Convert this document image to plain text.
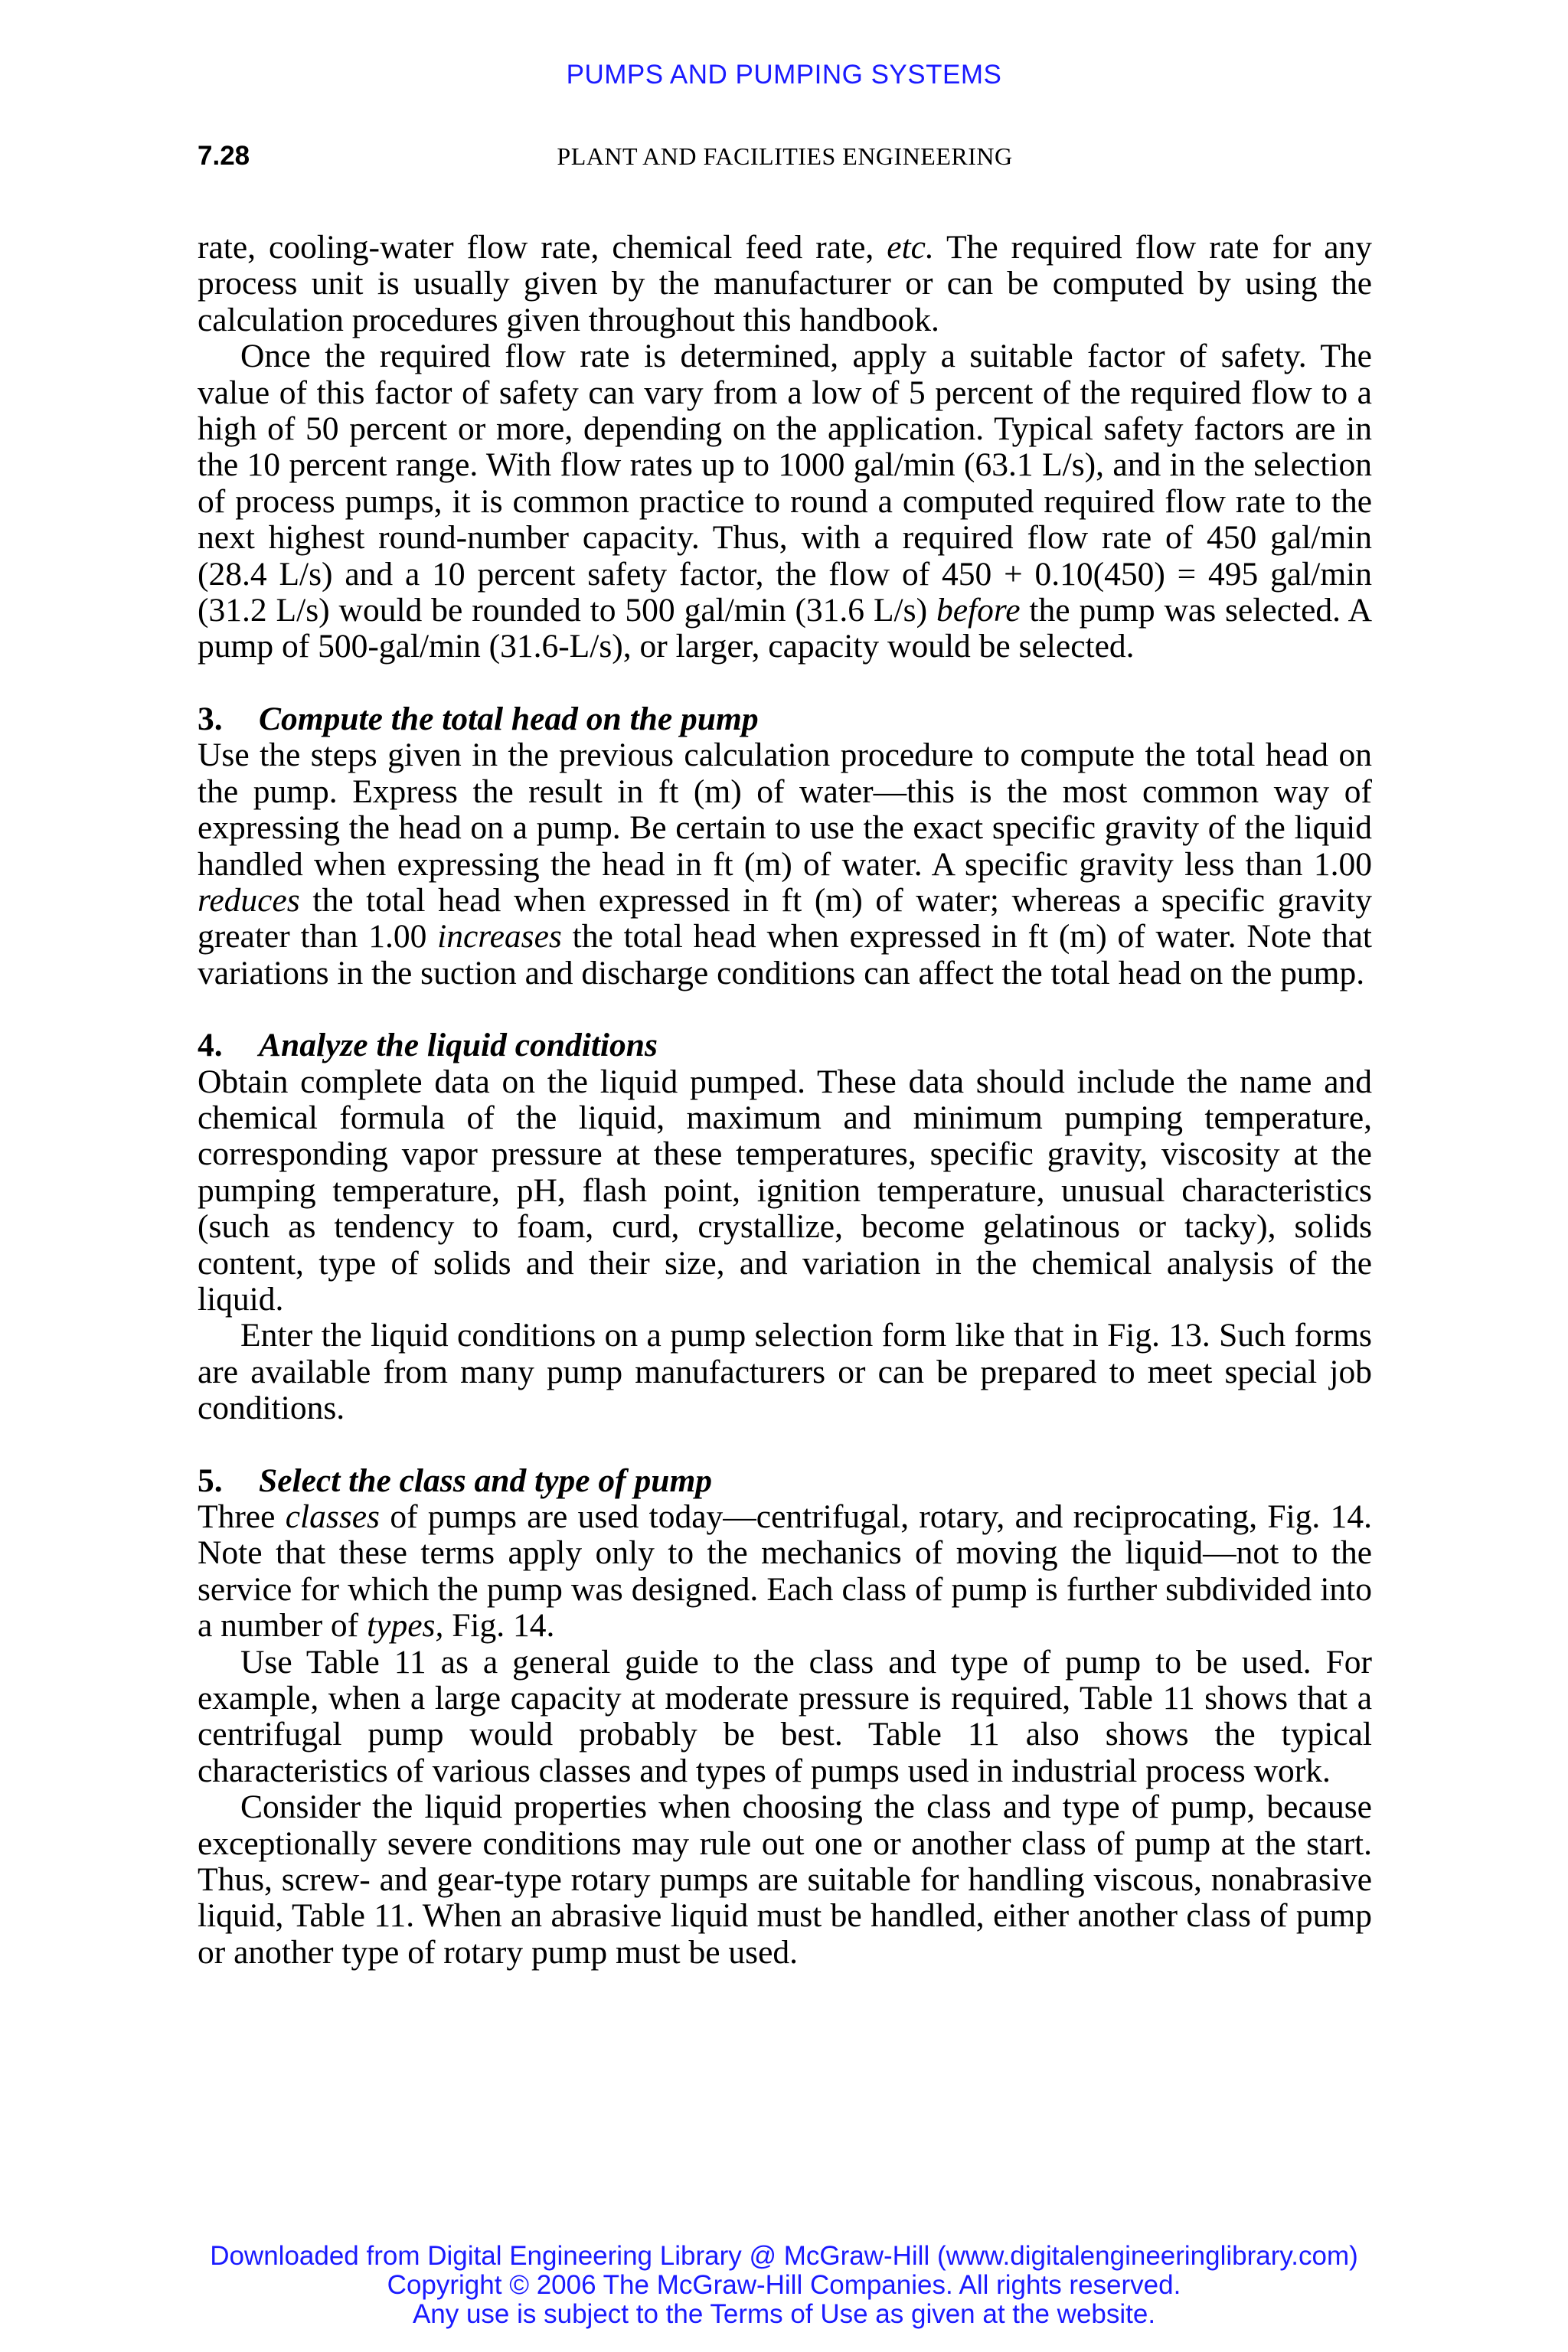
PUMPS AND PUMPING SYSTEMS
7.28	PLANT AND FACILITIES ENGINEERING

rate, cooling-water flow rate, chemical feed rate, etc. The required flow rate for any process unit is usually given by the manufacturer or can be computed by using the calculation procedures given throughout this handbook.

Once the required flow rate is determined, apply a suitable factor of safety. The value of this factor of safety can vary from a low of 5 percent of the required flow to a high of 50 percent or more, depending on the application. Typical safety factors are in the 10 percent range. With flow rates up to 1000 gal/min (63.1 L/s), and in the selection of process pumps, it is common practice to round a computed required flow rate to the next highest round-number capacity. Thus, with a required flow rate of 450 gal/min (28.4 L/s) and a 10 percent safety factor, the flow of 450 + 0.10(450) = 495 gal/min (31.2 L/s) would be rounded to 500 gal/min (31.6 L/s) before the pump was selected. A pump of 500-gal/min (31.6-L/s), or larger, capacity would be selected.

3. Compute the total head on the pump

Use the steps given in the previous calculation procedure to compute the total head on the pump. Express the result in ft (m) of water—this is the most common way of expressing the head on a pump. Be certain to use the exact specific gravity of the liquid handled when expressing the head in ft (m) of water. A specific gravity less than 1.00 reduces the total head when expressed in ft (m) of water; whereas a specific gravity greater than 1.00 increases the total head when expressed in ft (m) of water. Note that variations in the suction and discharge conditions can affect the total head on the pump.

4. Analyze the liquid conditions

Obtain complete data on the liquid pumped. These data should include the name and chemical formula of the liquid, maximum and minimum pumping temperature, corresponding vapor pressure at these temperatures, specific gravity, viscosity at the pumping temperature, pH, flash point, ignition temperature, unusual characteristics (such as tendency to foam, curd, crystallize, become gelatinous or tacky), solids content, type of solids and their size, and variation in the chemical analysis of the liquid.

Enter the liquid conditions on a pump selection form like that in Fig. 13. Such forms are available from many pump manufacturers or can be prepared to meet special job conditions.

5. Select the class and type of pump

Three classes of pumps are used today—centrifugal, rotary, and reciprocating, Fig. 14. Note that these terms apply only to the mechanics of moving the liquid—not to the service for which the pump was designed. Each class of pump is further subdivided into a number of types, Fig. 14.

Use Table 11 as a general guide to the class and type of pump to be used. For example, when a large capacity at moderate pressure is required, Table 11 shows that a centrifugal pump would probably be best. Table 11 also shows the typical characteristics of various classes and types of pumps used in industrial process work.

Consider the liquid properties when choosing the class and type of pump, because exceptionally severe conditions may rule out one or another class of pump at the start. Thus, screw- and gear-type rotary pumps are suitable for handling viscous, nonabrasive liquid, Table 11. When an abrasive liquid must be handled, either another class of pump or another type of rotary pump must be used.

Downloaded from Digital Engineering Library @ McGraw-Hill (www.digitalengineeringlibrary.com)
Copyright © 2006 The McGraw-Hill Companies. All rights reserved.
Any use is subject to the Terms of Use as given at the website.
